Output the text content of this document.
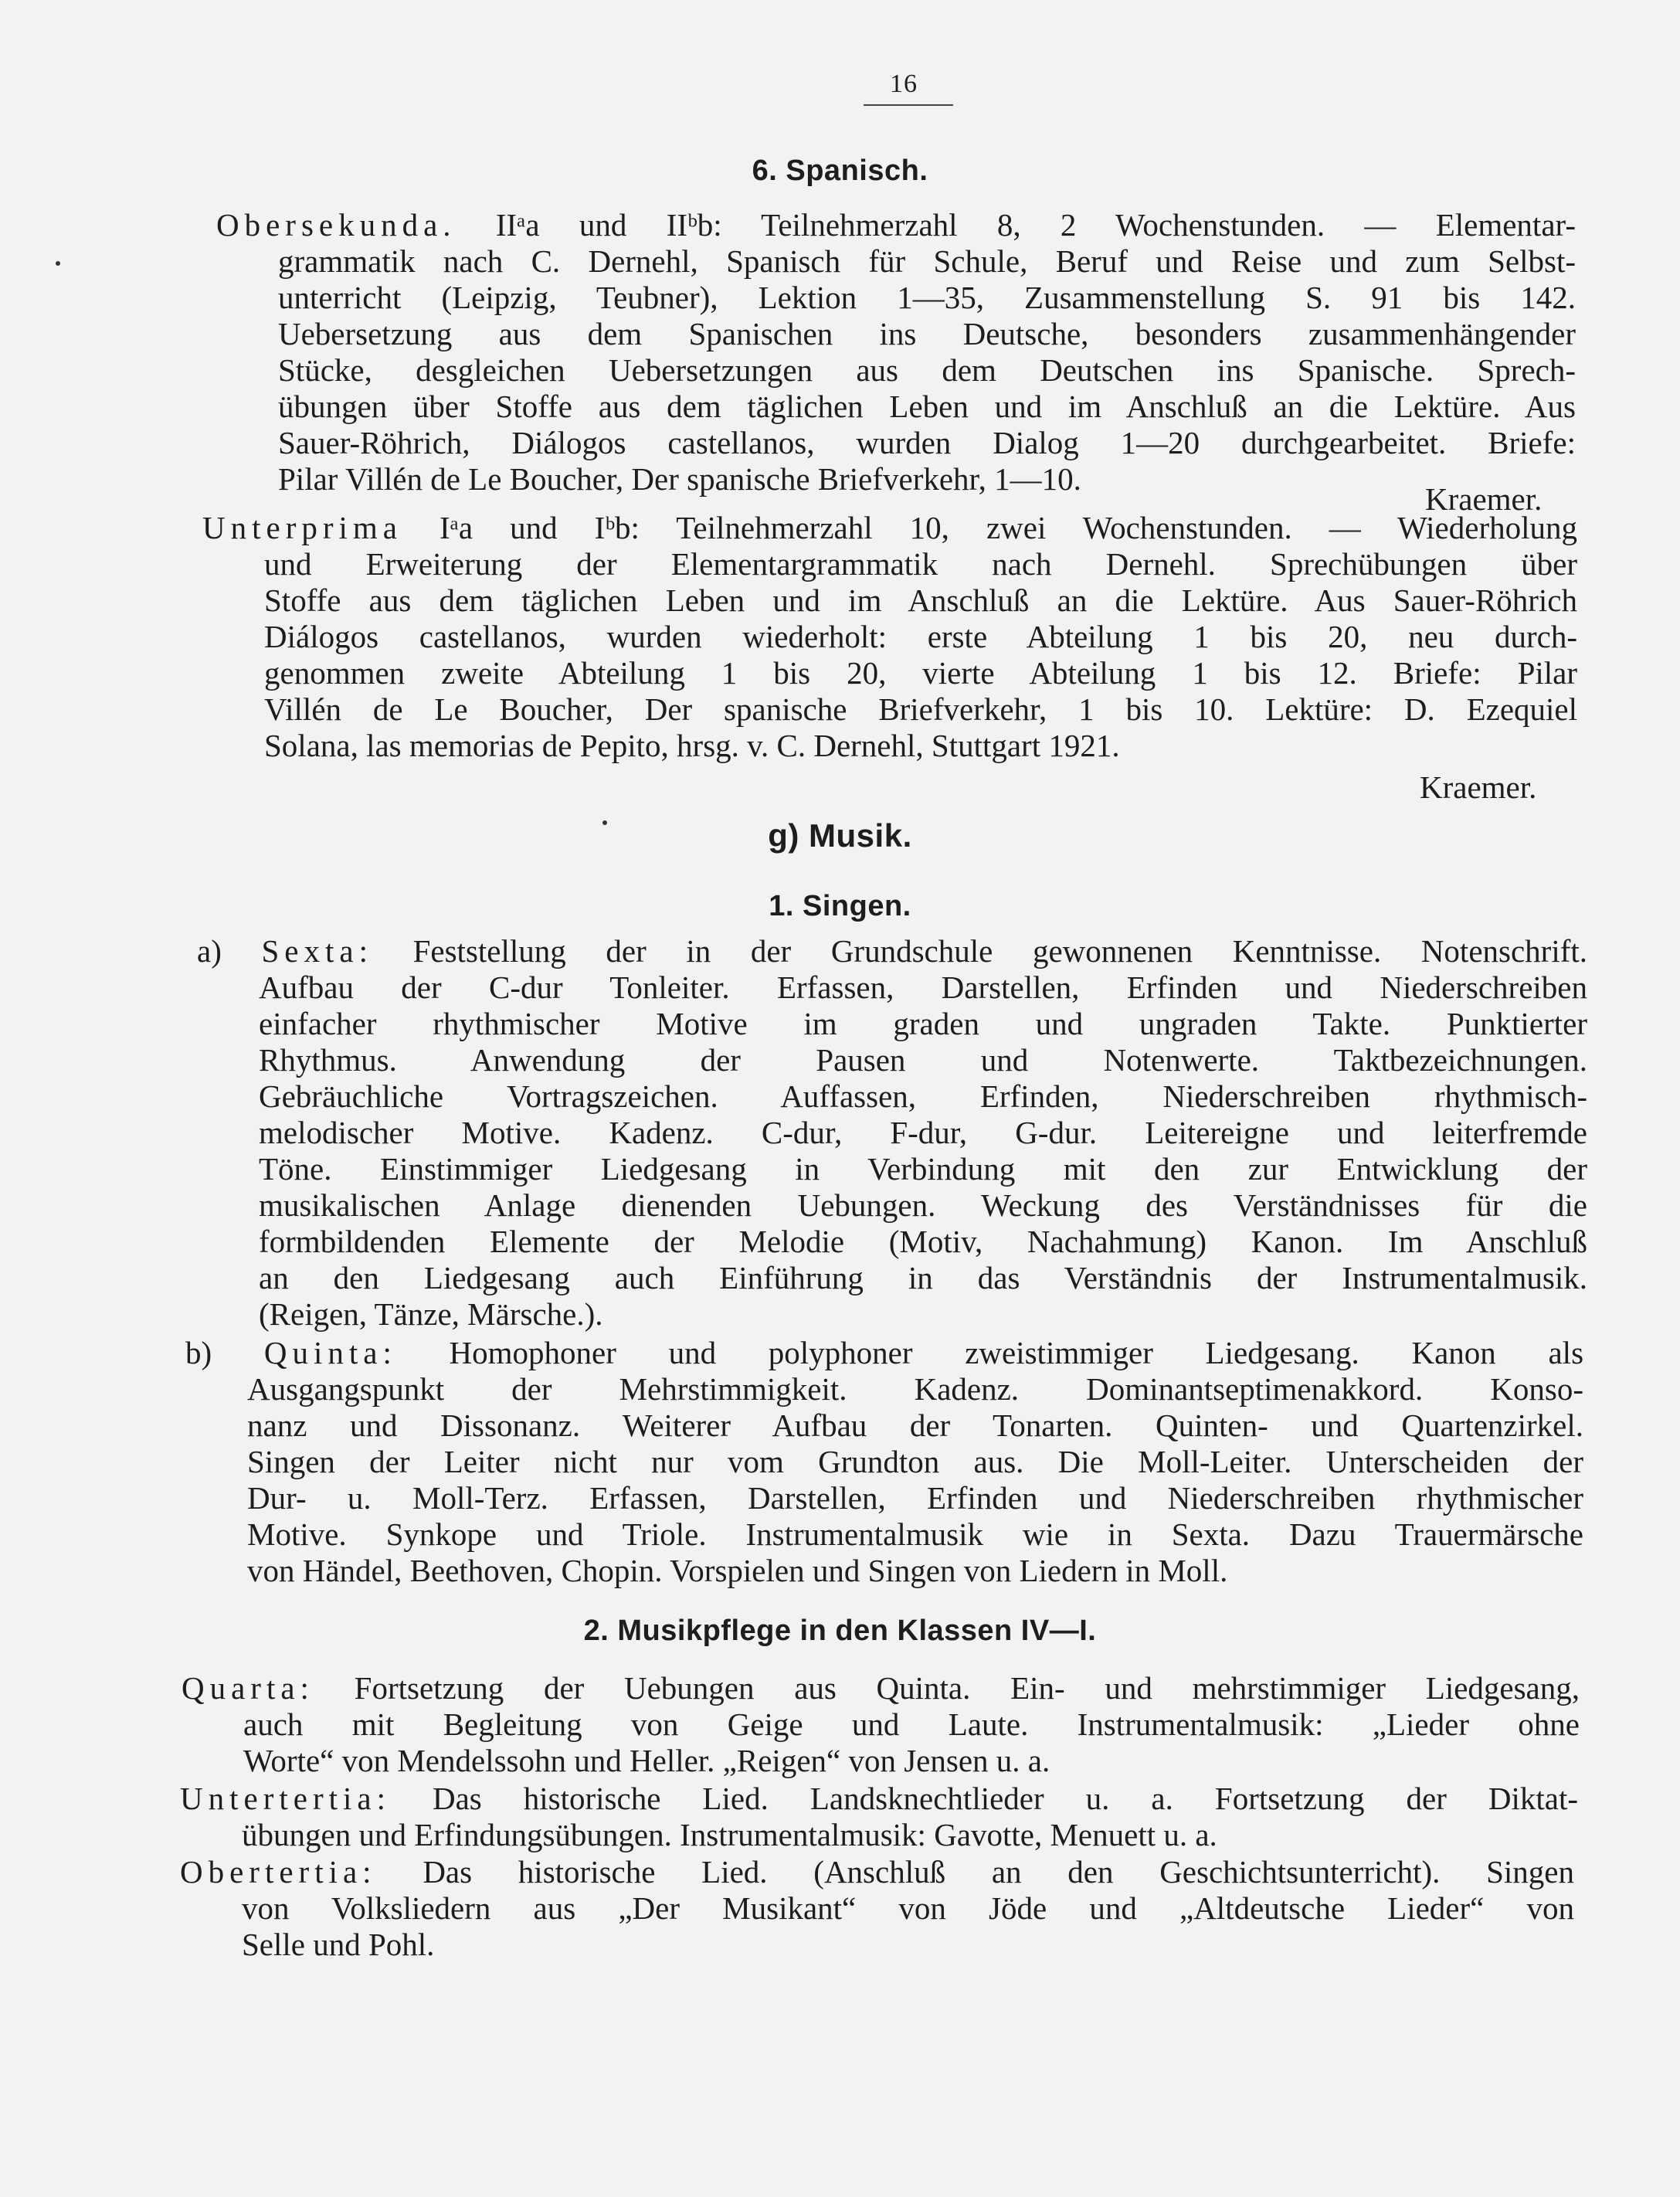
16
6. Spanisch.
Obersekunda. IIᵃa und IIᵇb: Teilnehmerzahl 8, 2 Wochenstunden. — Elementar-
grammatik nach C. Dernehl, Spanisch für Schule, Beruf und Reise und zum Selbst-
unterricht (Leipzig, Teubner), Lektion 1—35, Zusammenstellung S. 91 bis 142.
Uebersetzung aus dem Spanischen ins Deutsche, besonders zusammenhängender
Stücke, desgleichen Uebersetzungen aus dem Deutschen ins Spanische. Sprech-
übungen über Stoffe aus dem täglichen Leben und im Anschluß an die Lektüre. Aus
Sauer-Röhrich, Diálogos castellanos, wurden Dialog 1—20 durchgearbeitet. Briefe:
Pilar Villén de Le Boucher, Der spanische Briefverkehr, 1—10.
Kraemer.
Unterprima Iᵃa und Iᵇb: Teilnehmerzahl 10, zwei Wochenstunden. — Wiederholung
und Erweiterung der Elementargrammatik nach Dernehl. Sprechübungen über
Stoffe aus dem täglichen Leben und im Anschluß an die Lektüre. Aus Sauer-Röhrich
Diálogos castellanos, wurden wiederholt: erste Abteilung 1 bis 20, neu durch-
genommen zweite Abteilung 1 bis 20, vierte Abteilung 1 bis 12. Briefe: Pilar
Villén de Le Boucher, Der spanische Briefverkehr, 1 bis 10. Lektüre: D. Ezequiel
Solana, las memorias de Pepito, hrsg. v. C. Dernehl, Stuttgart 1921.
Kraemer.
g) Musik.
1. Singen.
a) Sexta: Feststellung der in der Grundschule gewonnenen Kenntnisse. Notenschrift.
Aufbau der C-dur Tonleiter. Erfassen, Darstellen, Erfinden und Niederschreiben
einfacher rhythmischer Motive im graden und ungraden Takte. Punktierter
Rhythmus. Anwendung der Pausen und Notenwerte. Taktbezeichnungen.
Gebräuchliche Vortragszeichen. Auffassen, Erfinden, Niederschreiben rhythmisch-
melodischer Motive. Kadenz. C-dur, F-dur, G-dur. Leitereigne und leiterfremde
Töne. Einstimmiger Liedgesang in Verbindung mit den zur Entwicklung der
musikalischen Anlage dienenden Uebungen. Weckung des Verständnisses für die
formbildenden Elemente der Melodie (Motiv, Nachahmung) Kanon. Im Anschluß
an den Liedgesang auch Einführung in das Verständnis der Instrumentalmusik.
(Reigen, Tänze, Märsche.).
b) Quinta: Homophoner und polyphoner zweistimmiger Liedgesang. Kanon als
Ausgangspunkt der Mehrstimmigkeit. Kadenz. Dominantseptimenakkord. Konso-
nanz und Dissonanz. Weiterer Aufbau der Tonarten. Quinten- und Quartenzirkel.
Singen der Leiter nicht nur vom Grundton aus. Die Moll-Leiter. Unterscheiden der
Dur- u. Moll-Terz. Erfassen, Darstellen, Erfinden und Niederschreiben rhythmischer
Motive. Synkope und Triole. Instrumentalmusik wie in Sexta. Dazu Trauermärsche
von Händel, Beethoven, Chopin. Vorspielen und Singen von Liedern in Moll.
2. Musikpflege in den Klassen IV—I.
Quarta: Fortsetzung der Uebungen aus Quinta. Ein- und mehrstimmiger Liedgesang,
auch mit Begleitung von Geige und Laute. Instrumentalmusik: „Lieder ohne
Worte“ von Mendelssohn und Heller. „Reigen“ von Jensen u. a.
Untertertia: Das historische Lied. Landsknechtlieder u. a. Fortsetzung der Diktat-
übungen und Erfindungsübungen. Instrumentalmusik: Gavotte, Menuett u. a.
Obertertia: Das historische Lied. (Anschluß an den Geschichtsunterricht). Singen
von Volksliedern aus „Der Musikant“ von Jöde und „Altdeutsche Lieder“ von
Selle und Pohl.
